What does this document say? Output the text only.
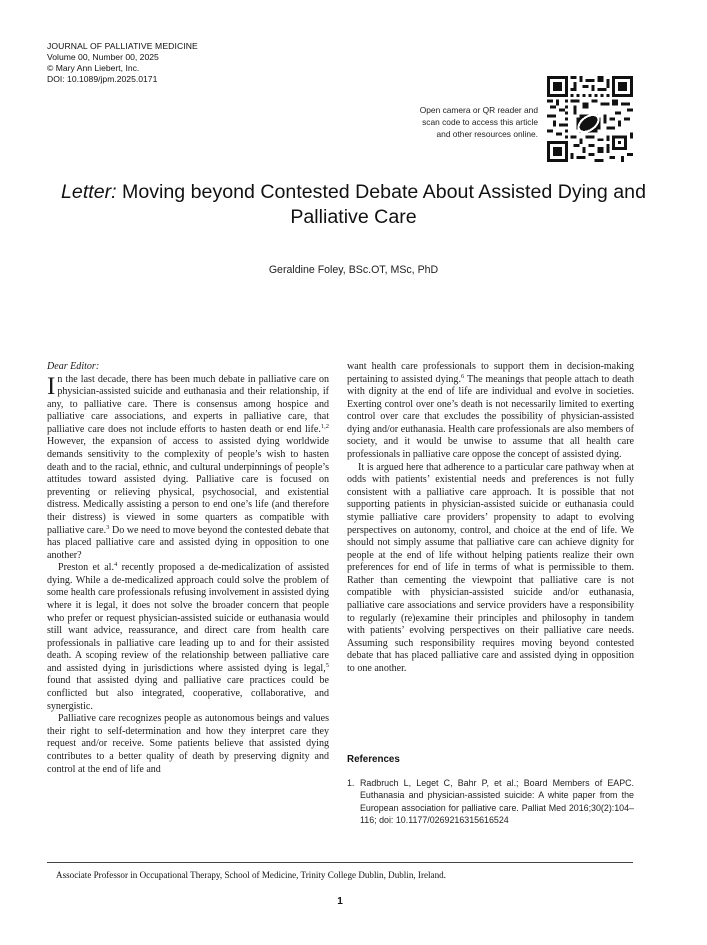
JOURNAL OF PALLIATIVE MEDICINE
Volume 00, Number 00, 2025
© Mary Ann Liebert, Inc.
DOI: 10.1089/jpm.2025.0171
Open camera or QR reader and
scan code to access this article
and other resources online.
Letter: Moving beyond Contested Debate About Assisted Dying and Palliative Care
Geraldine Foley, BSc.OT, MSc, PhD

Dear Editor:

In the last decade, there has been much debate in palliative care on physician-assisted suicide and euthanasia and their relationship, if any, to palliative care. There is consensus among hospice and palliative care associations, and experts in palliative care, that palliative care does not include efforts to hasten death or end life.$^{1,2}$ However, the expansion of access to assisted dying worldwide demands sensitivity to the complexity of people’s wish to hasten death and to the racial, ethnic, and cultural underpinnings of people’s attitudes toward assisted dying. Palliative care is focused on preventing or relieving physical, psychosocial, and existential distress. Medically assisting a person to end one’s life (and therefore their distress) is viewed in some quarters as compatible with palliative care.$^3$ Do we need to move beyond the contested debate that has placed palliative care and assisted dying in opposition to one another?

Preston et al.$^4$ recently proposed a de-medicalization of assisted dying. While a de-medicalized approach could solve the problem of some health care professionals refusing involvement in assisted dying where it is legal, it does not solve the broader concern that people who prefer or request physician-assisted suicide or euthanasia would still want advice, reassurance, and direct care from health care professionals in palliative care leading up to and for their assisted death. A scoping review of the relationship between palliative care and assisted dying in jurisdictions where assisted dying is legal,$^5$ found that assisted dying and palliative care practices could be conflicted but also integrated, cooperative, collaborative, and synergistic.

Palliative care recognizes people as autonomous beings and values their right to self-determination and how they interpret care they request and/or receive. Some patients believe that assisted dying contributes to a better quality of death by preserving dignity and control at the end of life and

want health care professionals to support them in decision-making pertaining to assisted dying.$^6$ The meanings that people attach to death with dignity at the end of life are individual and evolve in societies. Exerting control over one’s death is not necessarily limited to exerting control over care that excludes the possibility of physician-assisted dying and/or euthanasia. Health care professionals are also members of society, and it would be unwise to assume that all health care professionals in palliative care oppose the concept of assisted dying.

It is argued here that adherence to a particular care pathway when at odds with patients’ existential needs and preferences is not fully consistent with a palliative care approach. It is possible that not supporting patients in physician-assisted suicide or euthanasia could stymie palliative care providers’ propensity to adapt to evolving perspectives on autonomy, control, and choice at the end of life. We should not simply assume that palliative care can achieve dignity for people at the end of life without helping patients realize their own preferences for end of life in terms of what is permissible to them. Rather than cementing the viewpoint that palliative care is not compatible with physician-assisted suicide and/or euthanasia, palliative care associations and service providers have a responsibility to regularly (re)examine their principles and philosophy in tandem with patients’ evolving perspectives on their palliative care needs. Assuming such responsibility requires moving beyond contested debate that has placed palliative care and assisted dying in opposition to one another.

References
1. Radbruch L, Leget C, Bahr P, et al.; Board Members of EAPC. Euthanasia and physician-assisted suicide: A white paper from the European association for palliative care. Palliat Med 2016;30(2):104–116; doi: 10.1177/0269216315616524
Associate Professor in Occupational Therapy, School of Medicine, Trinity College Dublin, Dublin, Ireland.
1
